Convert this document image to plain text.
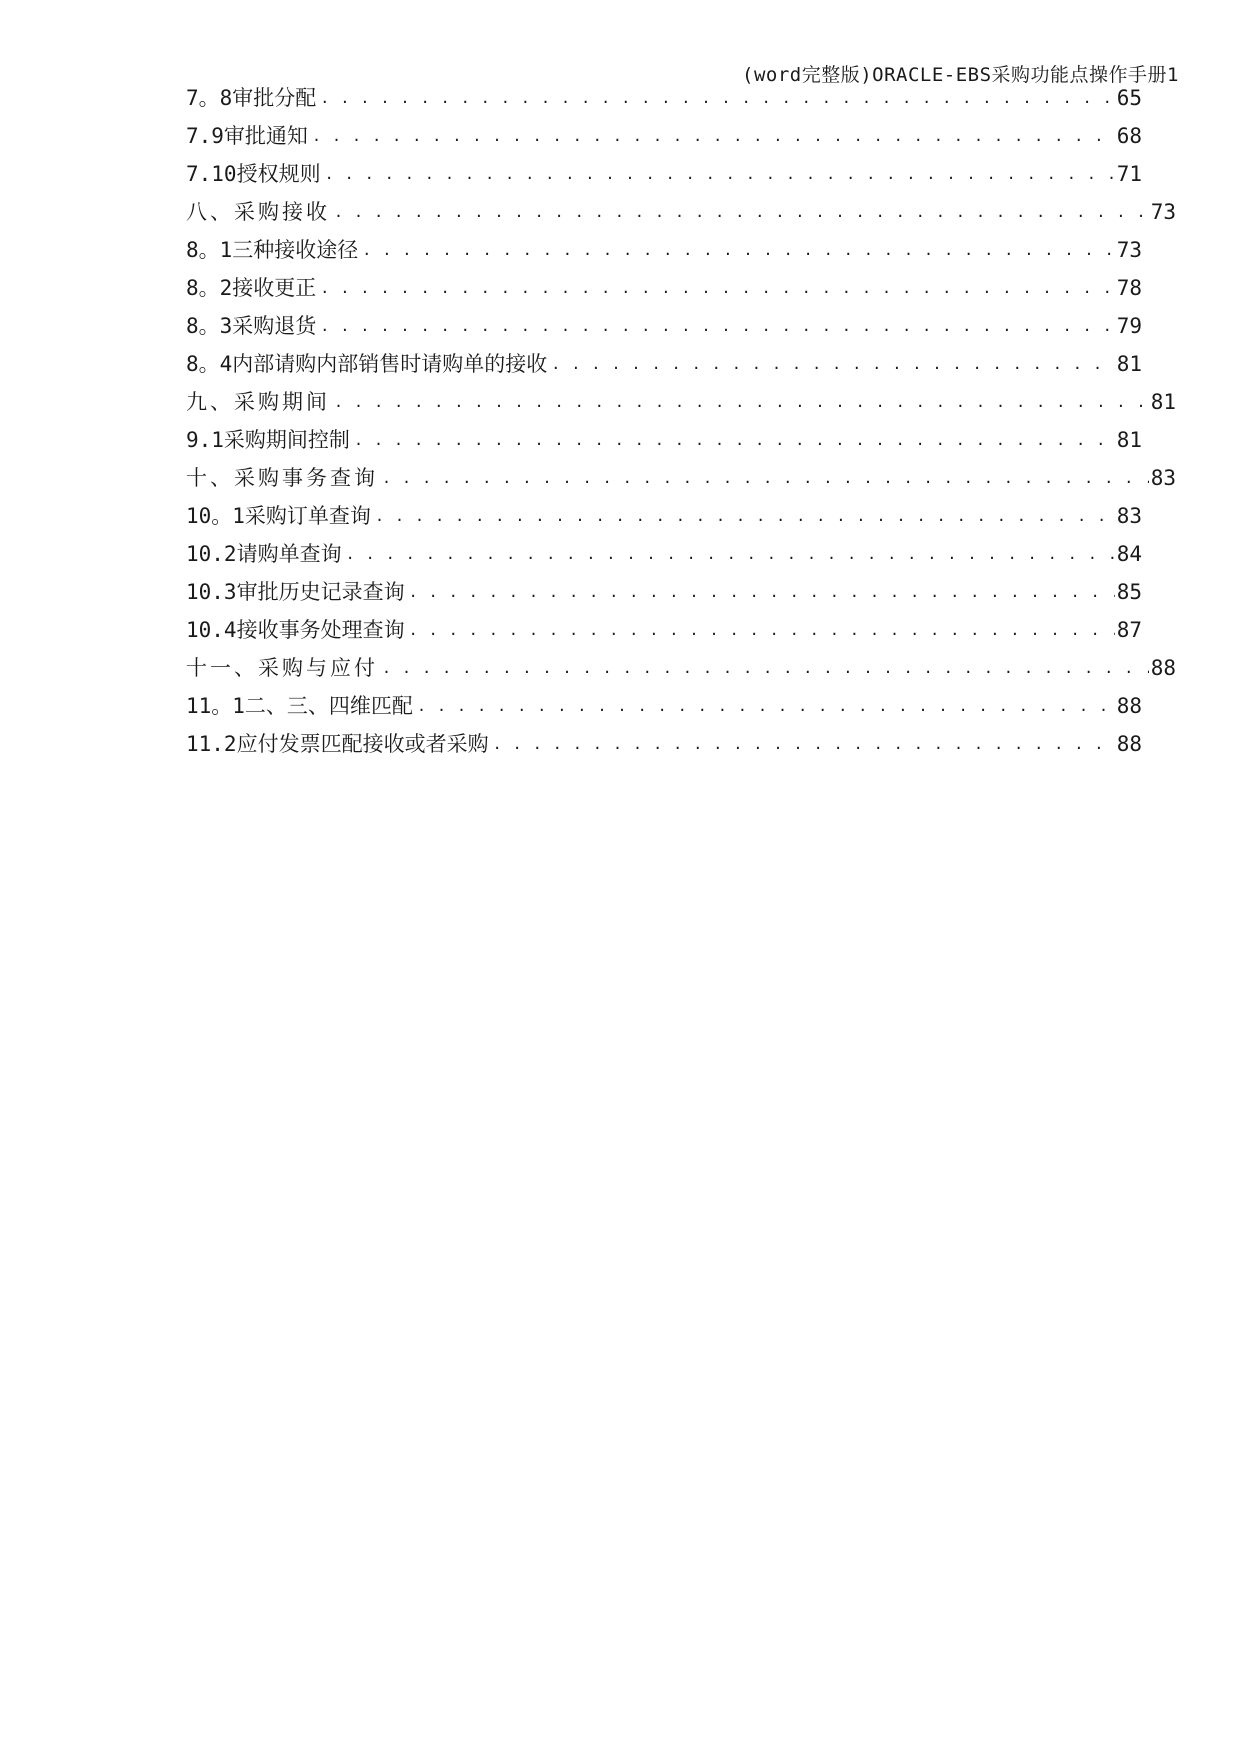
(word完整版)ORACLE-EBS采购功能点操作手册1
7。8审批分配 . . .	65
7.9审批通知 . . .	68
7.10授权规则 . . .	71
八、采购接收 . . .	73
8。1三种接收途径 . . .	73
8。2接收更正 . . .	78
8。3采购退货 . . .	79
8。4内部请购内部销售时请购单的接收 . . .	81
九、采购期间 . . .	81
9.1采购期间控制 . . .	81
十、采购事务查询 . . .	83
10。1采购订单查询 . . .	83
10.2请购单查询 . . .	84
10.3审批历史记录查询 . . .	85
10.4接收事务处理查询 . . .	87
十一、采购与应付 . . .	88
11。1二、三、四维匹配 . . .	88
11.2应付发票匹配接收或者采购 . . .	88
